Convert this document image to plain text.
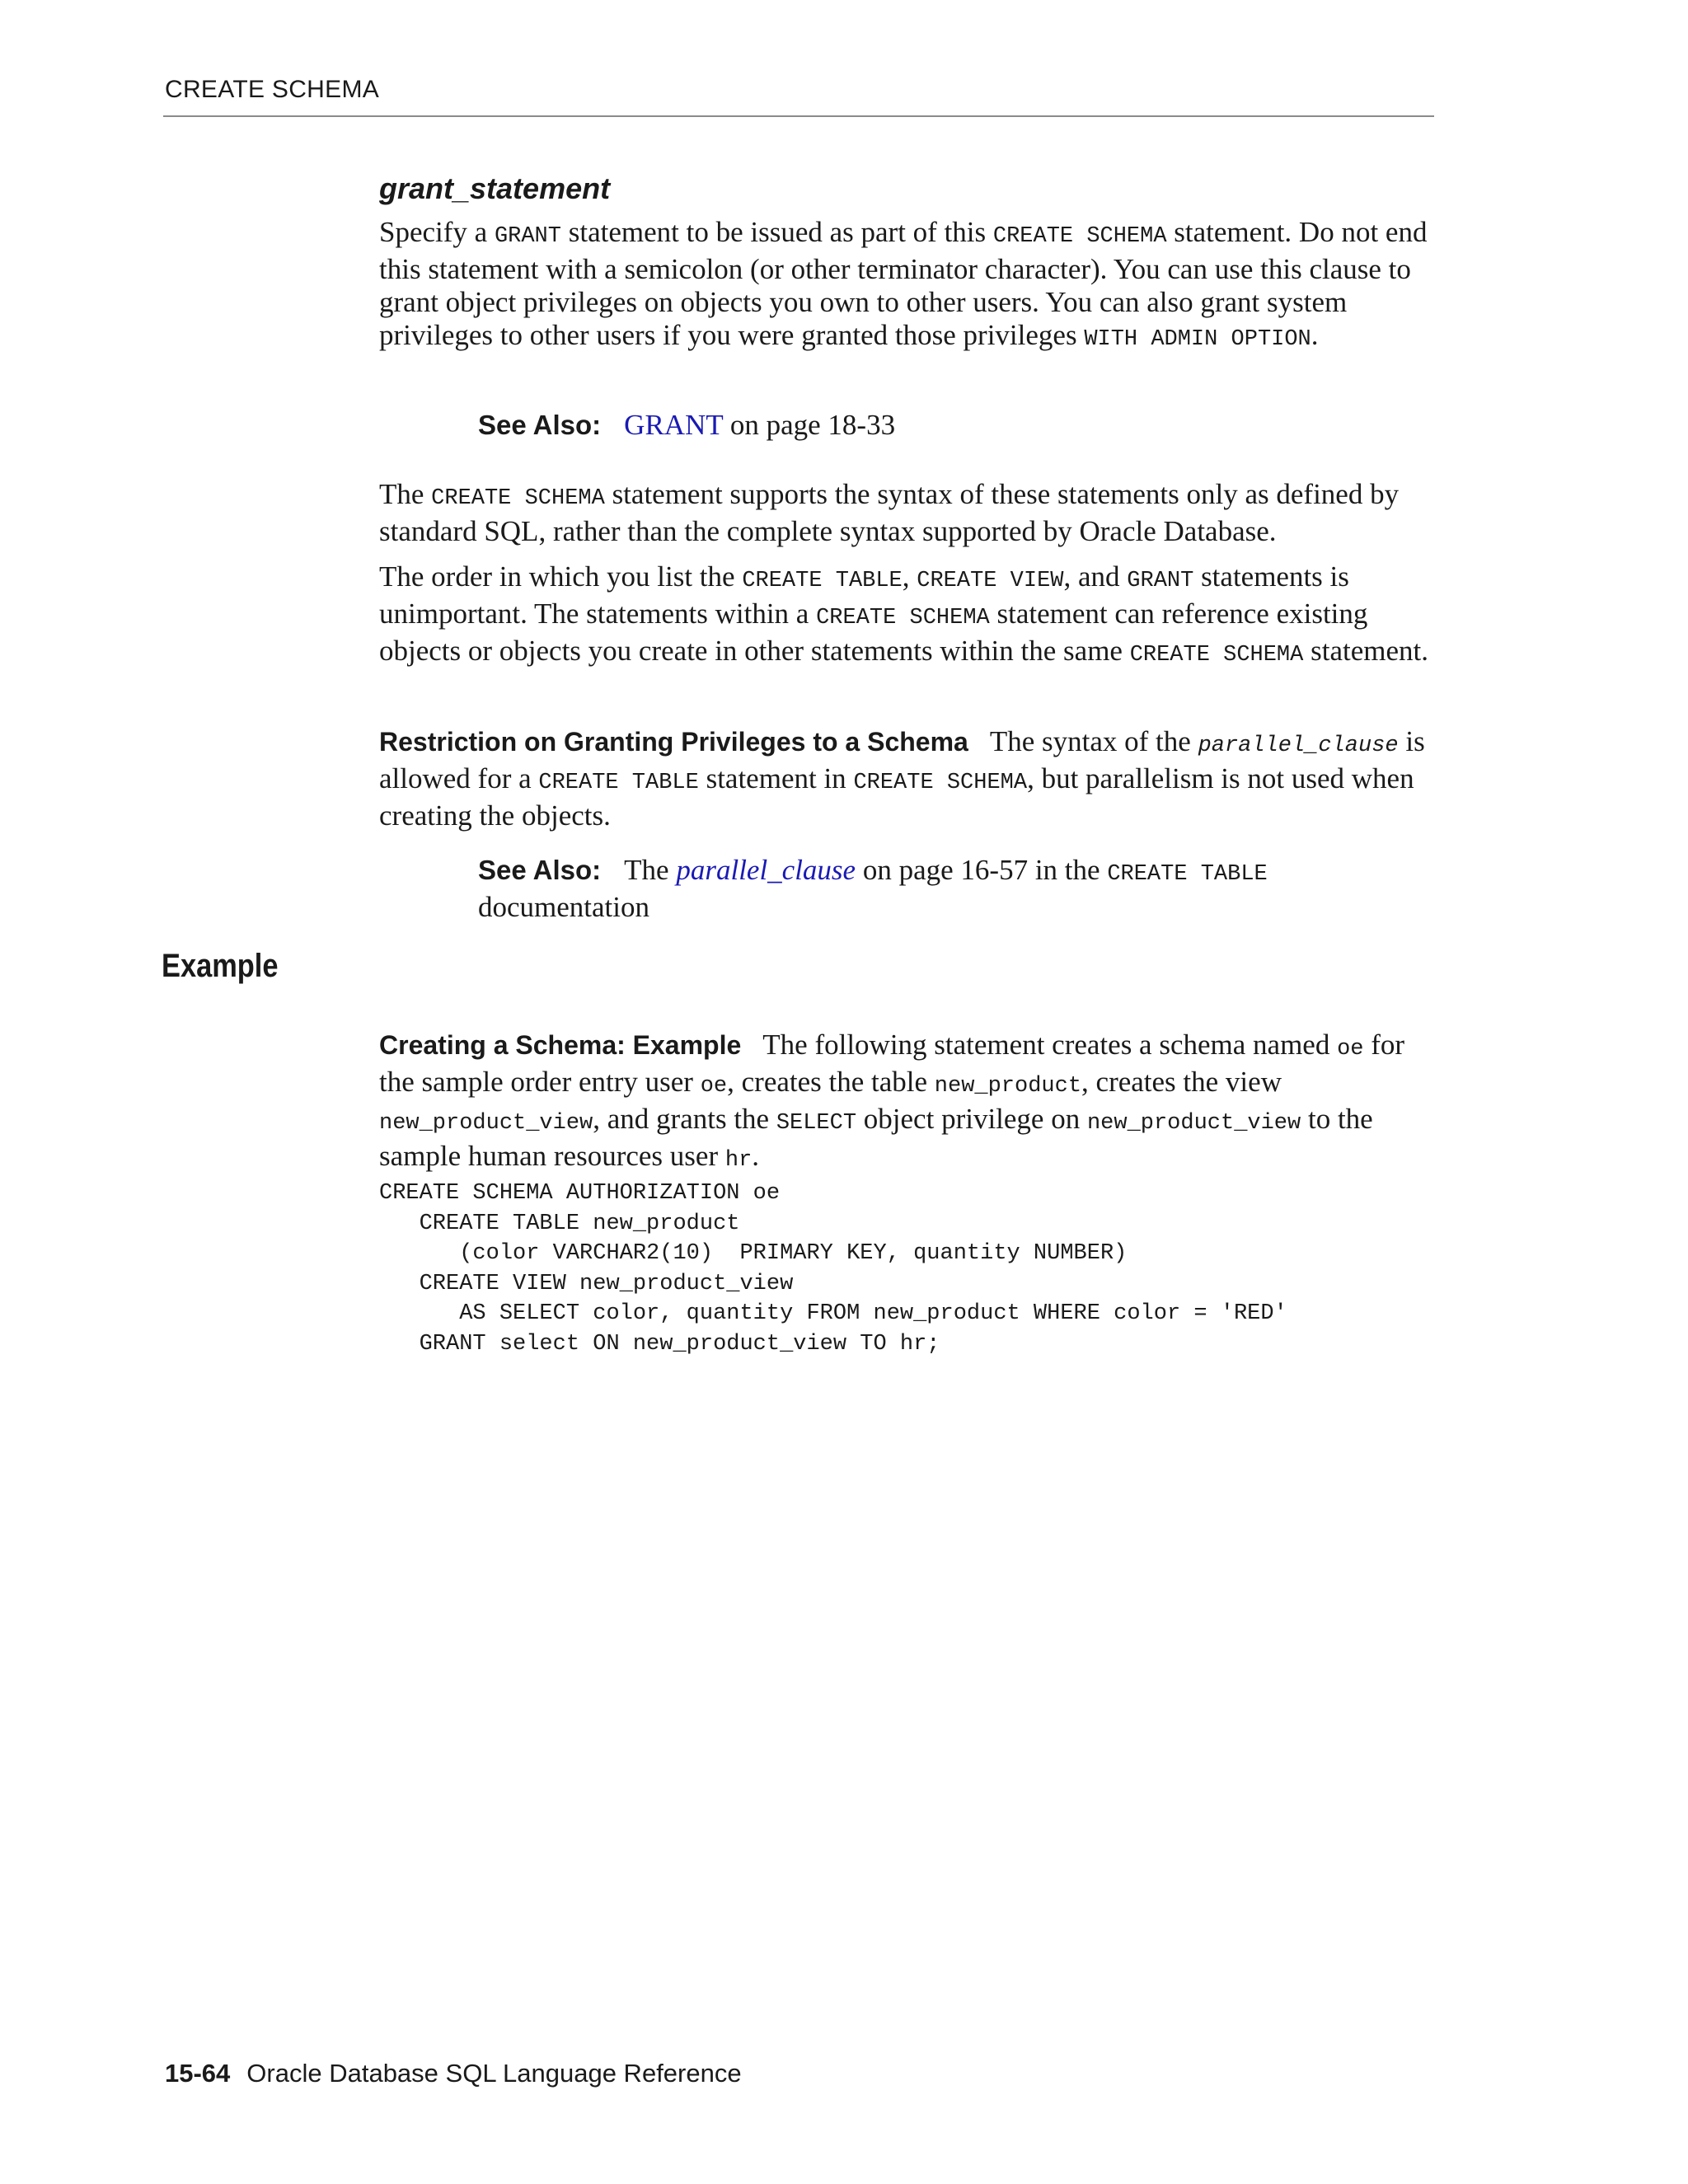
CREATE SCHEMA
grant_statement

Specify a GRANT statement to be issued as part of this CREATE SCHEMA statement. Do not end this statement with a semicolon (or other terminator character). You can use this clause to grant object privileges on objects you own to other users. You can also grant system privileges to other users if you were granted those privileges WITH ADMIN OPTION.

See Also: GRANT on page 18-33

The CREATE SCHEMA statement supports the syntax of these statements only as defined by standard SQL, rather than the complete syntax supported by Oracle Database.

The order in which you list the CREATE TABLE, CREATE VIEW, and GRANT statements is unimportant. The statements within a CREATE SCHEMA statement can reference existing objects or objects you create in other statements within the same CREATE SCHEMA statement.

Restriction on Granting Privileges to a Schema The syntax of the parallel_clause is allowed for a CREATE TABLE statement in CREATE SCHEMA, but parallelism is not used when creating the objects.

See Also: The parallel_clause on page 16-57 in the CREATE TABLE documentation
Example

Creating a Schema: Example The following statement creates a schema named oe for the sample order entry user oe, creates the table new_product, creates the view new_product_view, and grants the SELECT object privilege on new_product_view to the sample human resources user hr.

CREATE SCHEMA AUTHORIZATION oe
CREATE TABLE new_product
(color VARCHAR2(10)  PRIMARY KEY, quantity NUMBER)
CREATE VIEW new_product_view
AS SELECT color, quantity FROM new_product WHERE color = 'RED'
GRANT select ON new_product_view TO hr;
15-64 Oracle Database SQL Language Reference
